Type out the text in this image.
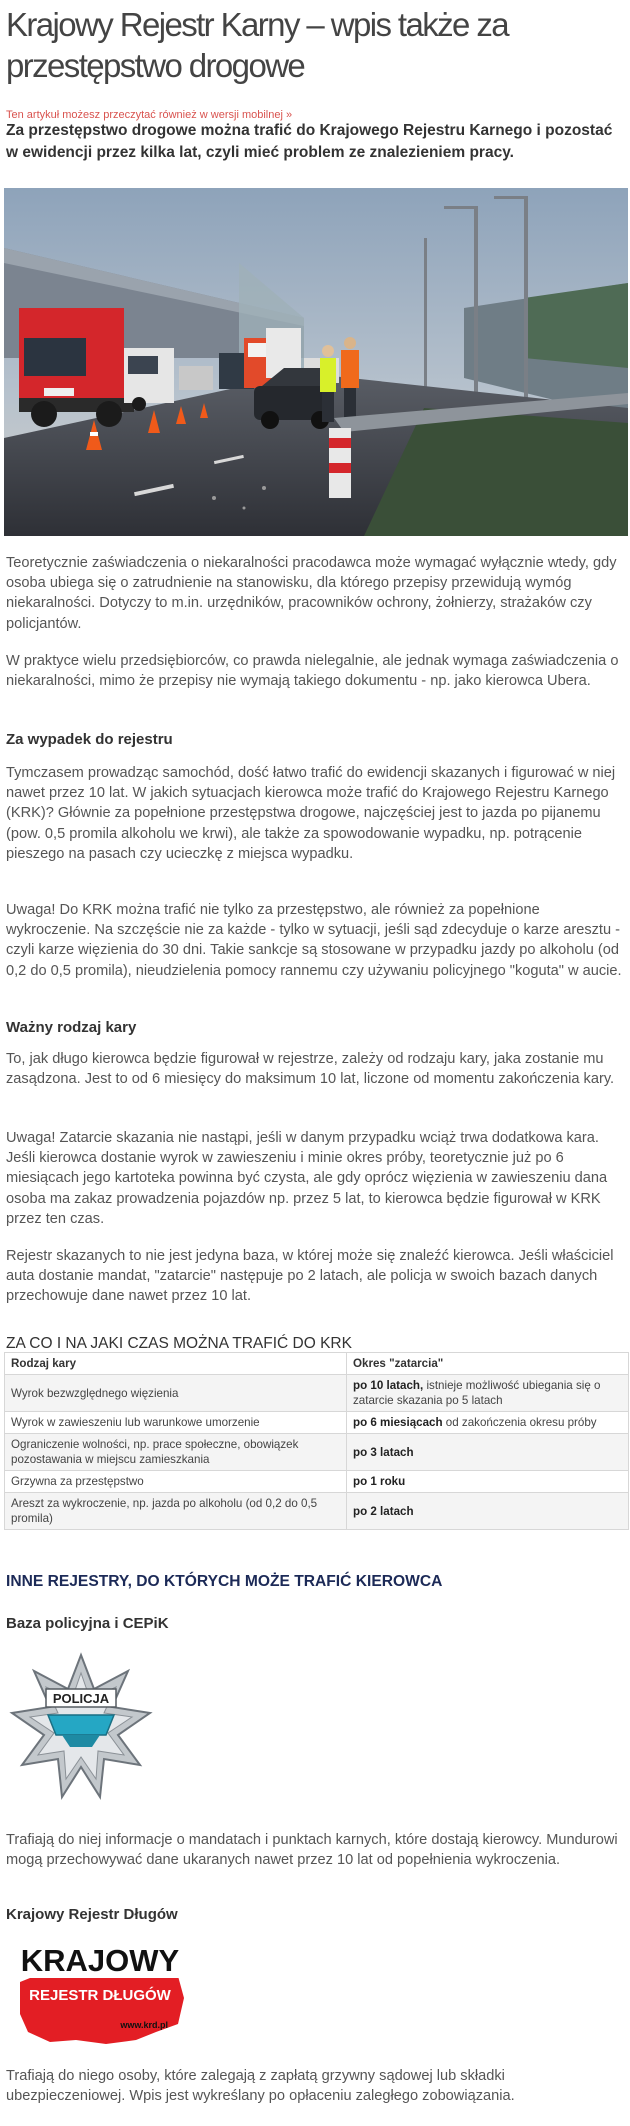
Krajowy Rejestr Karny – wpis także za przestępstwo drogowe
Ten artykuł możesz przeczytać również w wersji mobilnej »

Za przestępstwo drogowe można trafić do Krajowego Rejestru Karnego i pozostać w ewidencji przez kilka lat, czyli mieć problem ze znalezieniem pracy.

Teoretycznie zaświadczenia o niekaralności pracodawca może wymagać wyłącznie wtedy, gdy osoba ubiega się o zatrudnienie na stanowisku, dla którego przepisy przewidują wymóg niekaralności. Dotyczy to m.in. urzędników, pracowników ochrony, żołnierzy, strażaków czy policjantów.

W praktyce wielu przedsiębiorców, co prawda nielegalnie, ale jednak wymaga zaświadczenia o niekaralności, mimo że przepisy nie wymają takiego dokumentu - np. jako kierowca Ubera.

Za wypadek do rejestru

Tymczasem prowadząc samochód, dość łatwo trafić do ewidencji skazanych i figurować w niej nawet przez 10 lat. W jakich sytuacjach kierowca może trafić do Krajowego Rejestru Karnego (KRK)? Głównie za popełnione przestępstwa drogowe, najczęściej jest to jazda po pijanemu (pow. 0,5 promila alkoholu we krwi), ale także za spowodowanie wypadku, np. potrącenie pieszego na pasach czy ucieczkę z miejsca wypadku.

Uwaga! Do KRK można trafić nie tylko za przestępstwo, ale również za popełnione wykroczenie. Na szczęście nie za każde - tylko w sytuacji, jeśli sąd zdecyduje o karze aresztu - czyli karze więzienia do 30 dni. Takie sankcje są stosowane w przypadku jazdy po alkoholu (od 0,2 do 0,5 promila), nieudzielenia pomocy rannemu czy używaniu policyjnego "koguta" w aucie.

Ważny rodzaj kary

To, jak długo kierowca będzie figurował w rejestrze, zależy od rodzaju kary, jaka zostanie mu zasądzona. Jest to od 6 miesięcy do maksimum 10 lat, liczone od momentu zakończenia kary.

Uwaga! Zatarcie skazania nie nastąpi, jeśli w danym przypadku wciąż trwa dodatkowa kara. Jeśli kierowca dostanie wyrok w zawieszeniu i minie okres próby, teoretycznie już po 6 miesiącach jego kartoteka powinna być czysta, ale gdy oprócz więzienia w zawieszeniu dana osoba ma zakaz prowadzenia pojazdów np. przez 5 lat, to kierowca będzie figurował w KRK przez ten czas.

Rejestr skazanych to nie jest jedyna baza, w której może się znaleźć kierowca. Jeśli właściciel auta dostanie mandat, "zatarcie" następuje po 2 latach, ale policja w swoich bazach danych przechowuje dane nawet przez 10 lat.

ZA CO I NA JAKI CZAS MOŻNA TRAFIĆ DO KRK
Rodzaj kary	Okres "zatarcia"
Wyrok bezwzględnego więzienia	po 10 latach, istnieje możliwość ubiegania się o zatarcie skazania po 5 latach
Wyrok w zawieszeniu lub warunkowe umorzenie	po 6 miesiącach od zakończenia okresu próby
Ograniczenie wolności, np. prace społeczne, obowiązek pozostawania w miejscu zamieszkania	po 3 latach
Grzywna za przestępstwo	po 1 roku
Areszt za wykroczenie, np. jazda po alkoholu (od 0,2 do 0,5 promila)	po 2 latach
INNE REJESTRY, DO KTÓRYCH MOŻE TRAFIĆ KIEROWCA
Baza policyjna i CEPiK
POLICJA

Trafiają do niej informacje o mandatach i punktach karnych, które dostają kierowcy. Mundurowi mogą przechowywać dane ukaranych nawet przez 10 lat od popełnienia wykroczenia.

Krajowy Rejestr Długów
KRAJOWY
REJESTR DŁUGÓW
www.krd.pl

Trafiają do niego osoby, które zalegają z zapłatą grzywny sądowej lub składki ubezpieczeniowej. Wpis jest wykreślany po opłaceniu zaległego zobowiązania.
